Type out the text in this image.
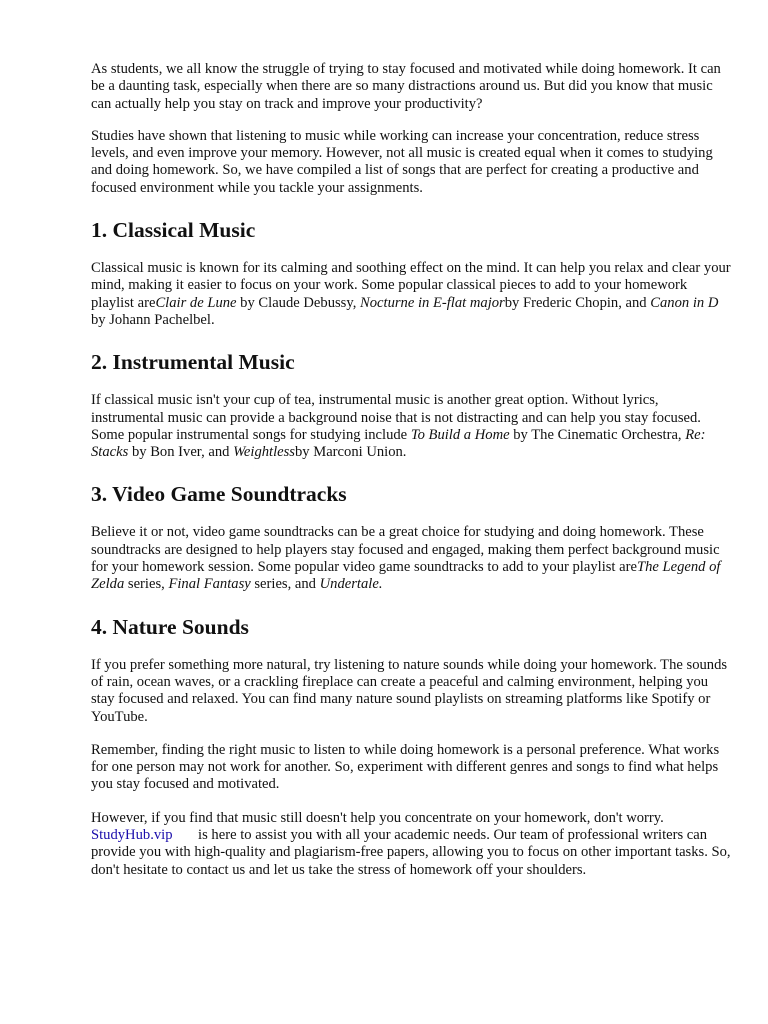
As students, we all know the struggle of trying to stay focused and motivated while doing homework. It can be a daunting task, especially when there are so many distractions around us. But did you know that music can actually help you stay on track and improve your productivity?

Studies have shown that listening to music while working can increase your concentration, reduce stress levels, and even improve your memory. However, not all music is created equal when it comes to studying and doing homework. So, we have compiled a list of songs that are perfect for creating a productive and focused environment while you tackle your assignments.

1. Classical Music

Classical music is known for its calming and soothing effect on the mind. It can help you relax and clear your mind, making it easier to focus on your work. Some popular classical pieces to add to your homework playlist areClair de Lune by Claude Debussy, Nocturne in E-flat majorby Frederic Chopin, and Canon in D by Johann Pachelbel.

2. Instrumental Music

If classical music isn't your cup of tea, instrumental music is another great option. Without lyrics, instrumental music can provide a background noise that is not distracting and can help you stay focused. Some popular instrumental songs for studying include To Build a Home by The Cinematic Orchestra, Re: Stacks by Bon Iver, and Weightlessby Marconi Union.

3. Video Game Soundtracks

Believe it or not, video game soundtracks can be a great choice for studying and doing homework. These soundtracks are designed to help players stay focused and engaged, making them perfect background music for your homework session. Some popular video game soundtracks to add to your playlist areThe Legend of Zelda series, Final Fantasy series, and Undertale.

4. Nature Sounds

If you prefer something more natural, try listening to nature sounds while doing your homework. The sounds of rain, ocean waves, or a crackling fireplace can create a peaceful and calming environment, helping you stay focused and relaxed. You can find many nature sound playlists on streaming platforms like Spotify or YouTube.

Remember, finding the right music to listen to while doing homework is a personal preference. What works for one person may not work for another. So, experiment with different genres and songs to find what helps you stay focused and motivated.

However, if you find that music still doesn't help you concentrate on your homework, don't worry. StudyHub.vip is here to assist you with all your academic needs. Our team of professional writers can provide you with high-quality and plagiarism-free papers, allowing you to focus on other important tasks. So, don't hesitate to contact us and let us take the stress of homework off your shoulders.
